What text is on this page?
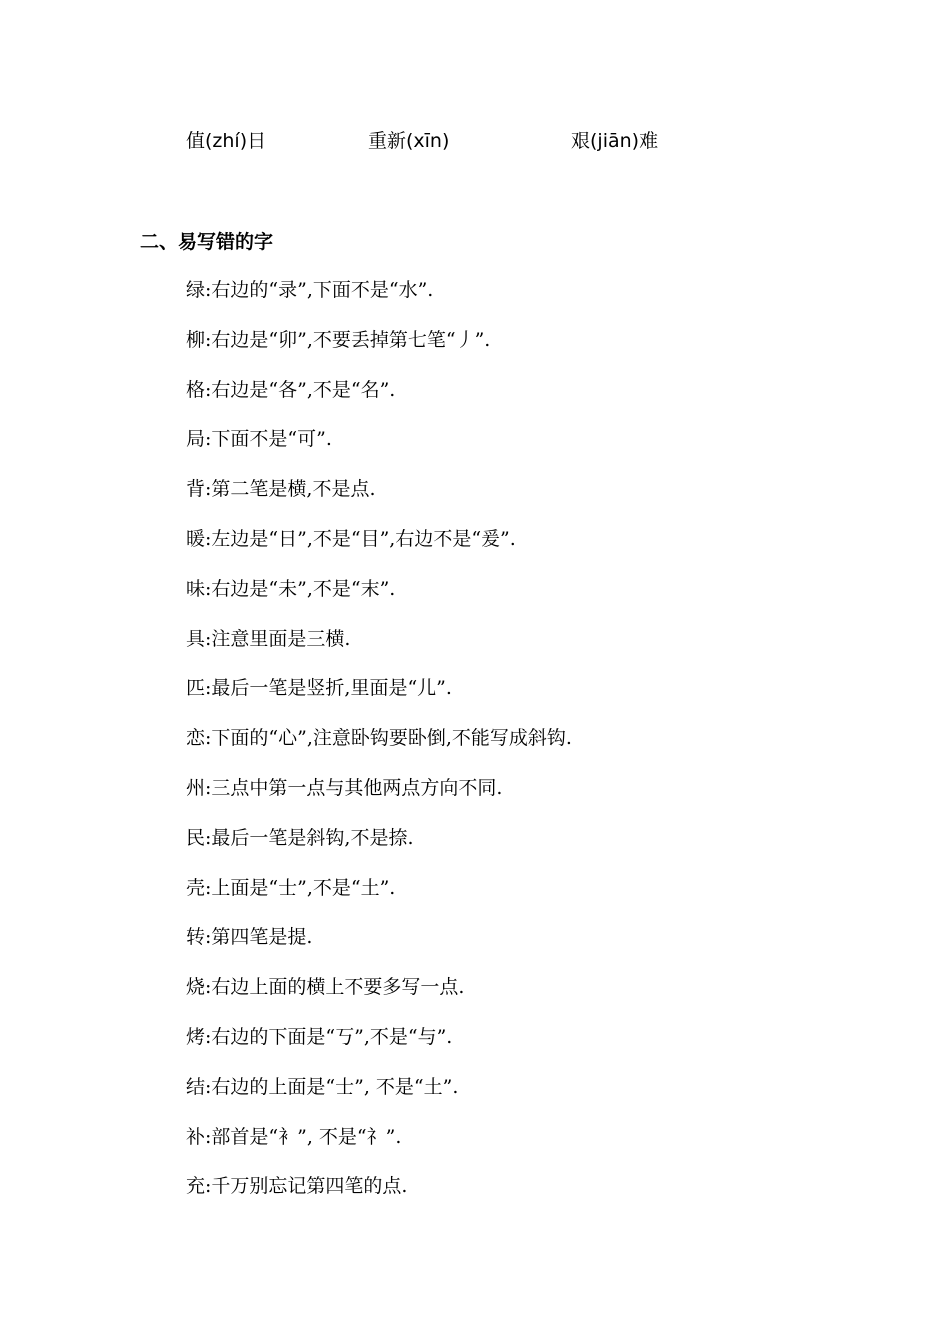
值(zhí)日	重新(xīn)	艰(jiān)难
二、易写错的字
绿:右边的“录”,下面不是“水”.
柳:右边是“卯”,不要丢掉第七笔“丿”.
格:右边是“各”,不是“名”.
局:下面不是“可”.
背:第二笔是横,不是点.
暖:左边是“日”,不是“目”,右边不是“爰”.
味:右边是“未”,不是“末”.
具:注意里面是三横.
匹:最后一笔是竖折,里面是“儿”.
恋:下面的“心”,注意卧钩要卧倒,不能写成斜钩.
州:三点中第一点与其他两点方向不同.
民:最后一笔是斜钩,不是捺.
壳:上面是“士”,不是“土”.
转:第四笔是提.
烧:右边上面的横上不要多写一点.
烤:右边的下面是“丂”,不是“与”.
结:右边的上面是“士”, 不是“土”.
补:部首是“衤”, 不是“礻”.
充:千万别忘记第四笔的点.
